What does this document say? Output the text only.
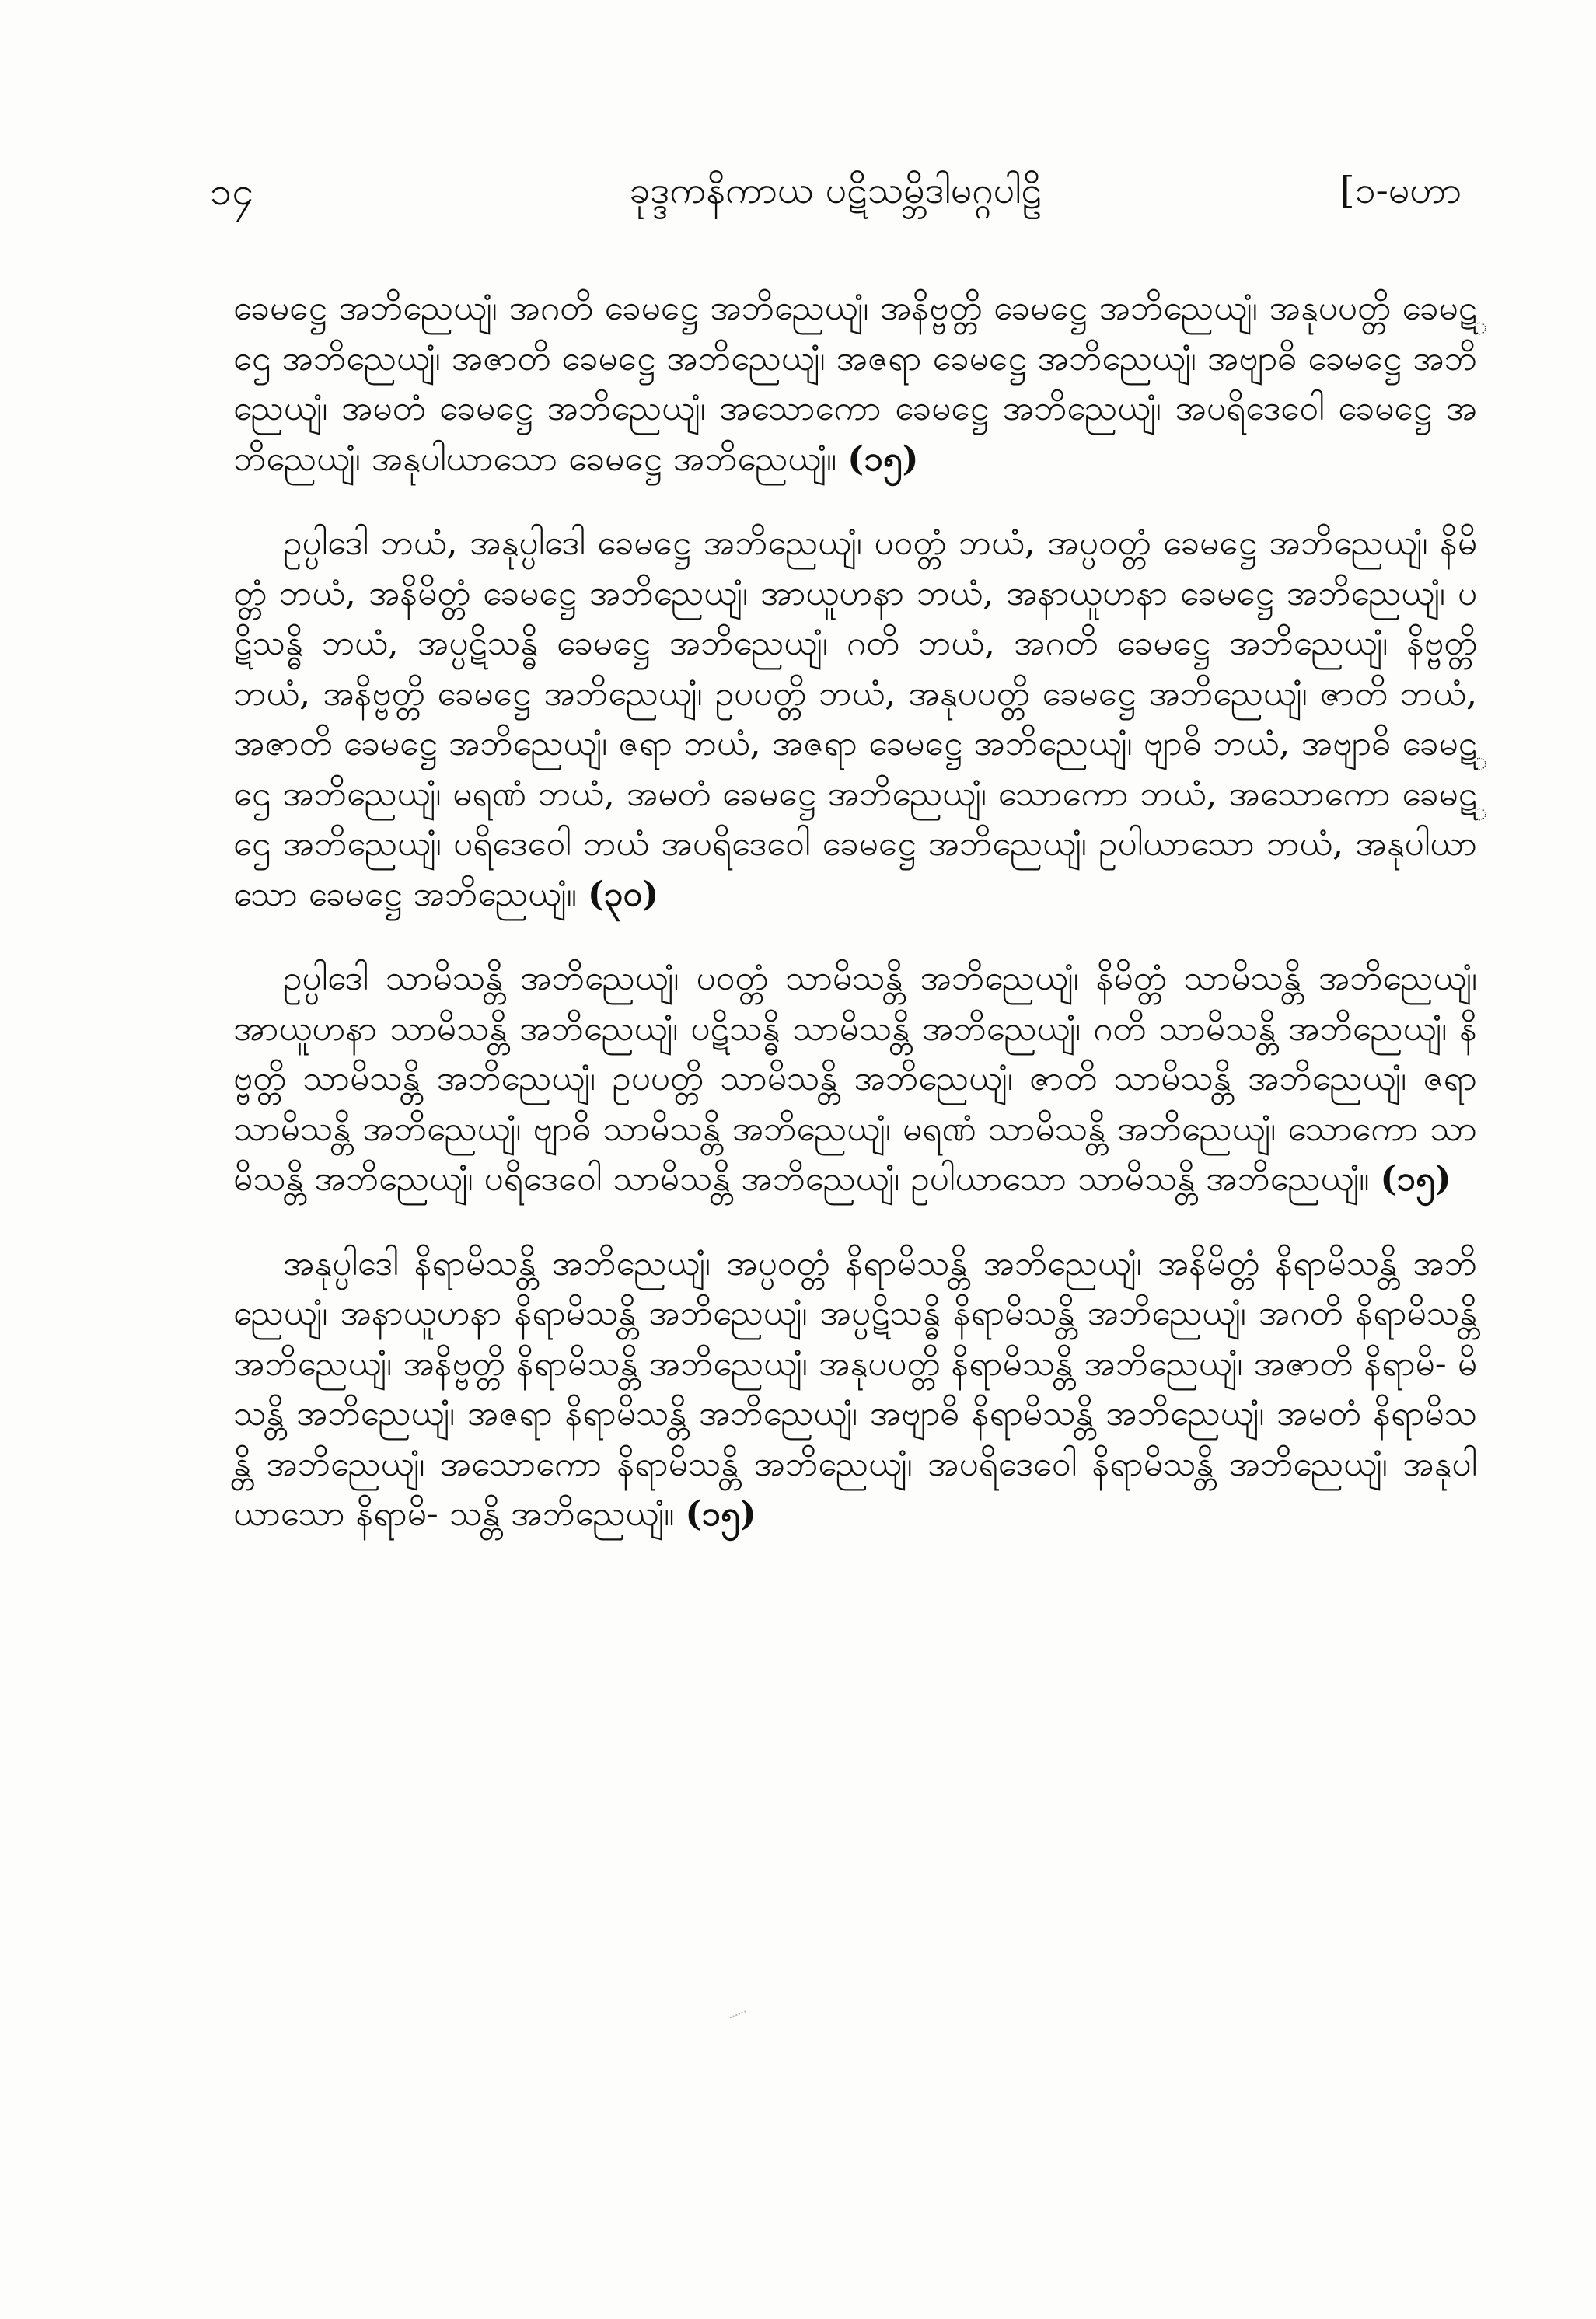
၁၄	ခုဒ္ဒကနိကာယ ပဋိသမ္ဘိဒါမဂ္ဂပါဠိ	[၁-မဟာ

ခေမဋ္ဌေ အဘိညေယျံ၊ အဂတိ ခေမဋ္ဌေ အဘိညေယျံ၊ အနိဗ္ဗတ္တိ ခေမဋ္ဌေ အဘိညေယျံ၊ အနုပပတ္တိ ခေမဋ္ဌေ အဘိညေယျံ၊ အဇာတိ ခေမဋ္ဌေ အဘိညေယျံ၊ အဇရာ ခေမဋ္ဌေ အဘိညေယျံ၊ အဗျာဓိ ခေမဋ္ဌေ အဘိညေယျံ၊ အမတံ ခေမဋ္ဌေ အဘိညေယျံ၊ အသောကော ခေမဋ္ဌေ အဘိညေယျံ၊ အပရိဒေဝေါ ခေမဋ္ဌေ အဘိညေယျံ၊ အနုပါယာသော ခေမဋ္ဌေ အဘိညေယျံ။ (၁၅)

ဥပ္ပါဒေါ ဘယံ, အနုပ္ပါဒေါ ခေမဋ္ဌေ အဘိညေယျံ၊ ပဝတ္တံ ဘယံ, အပ္ပဝတ္တံ ခေမဋ္ဌေ အဘိညေယျံ၊ နိမိတ္တံ ဘယံ, အနိမိတ္တံ ခေမဋ္ဌေ အဘိညေယျံ၊ အာယူဟနာ ဘယံ, အနာယူဟနာ ခေမဋ္ဌေ အဘိညေယျံ၊ ပဋိသန္ဓိ ဘယံ, အပ္ပဋိသန္ဓိ ခေမဋ္ဌေ အဘိညေယျံ၊ ဂတိ ဘယံ, အဂတိ ခေမဋ္ဌေ အဘိညေယျံ၊ နိဗ္ဗတ္တိ ဘယံ, အနိဗ္ဗတ္တိ ခေမဋ္ဌေ အဘိညေယျံ၊ ဥပပတ္တိ ဘယံ, အနုပပတ္တိ ခေမဋ္ဌေ အဘိညေယျံ၊ ဇာတိ ဘယံ, အဇာတိ ခေမဋ္ဌေ အဘိညေယျံ၊ ဇရာ ဘယံ, အဇရာ ခေမဋ္ဌေ အဘိညေယျံ၊ ဗျာဓိ ဘယံ, အဗျာဓိ ခေမဋ္ဌေ အဘိညေယျံ၊ မရဏံ ဘယံ, အမတံ ခေမဋ္ဌေ အဘိညေယျံ၊ သောကော ဘယံ, အသောကော ခေမဋ္ဌေ အဘိညေယျံ၊ ပရိဒေဝေါ ဘယံ အပရိဒေဝေါ ခေမဋ္ဌေ အဘိညေယျံ၊ ဥပါယာသော ဘယံ, အနုပါယာသော ခေမဋ္ဌေ အဘိညေယျံ။ (၃၀)

ဥပ္ပါဒေါ သာမိသန္တိ အဘိညေယျံ၊ ပဝတ္တံ သာမိသန္တိ အဘိညေယျံ၊ နိမိတ္တံ သာမိသန္တိ အဘိညေယျံ၊ အာယူဟနာ သာမိသန္တိ အဘိညေယျံ၊ ပဋိသန္ဓိ သာမိသန္တိ အဘိညေယျံ၊ ဂတိ သာမိသန္တိ အဘိညေယျံ၊ နိဗ္ဗတ္တိ သာမိသန္တိ အဘိညေယျံ၊ ဥပပတ္တိ သာမိသန္တိ အဘိညေယျံ၊ ဇာတိ သာမိသန္တိ အဘိညေယျံ၊ ဇရာ သာမိသန္တိ အဘိညေယျံ၊ ဗျာဓိ သာမိသန္တိ အဘိညေယျံ၊ မရဏံ သာမိသန္တိ အဘိညေယျံ၊ သောကော သာမိသန္တိ အဘိညေယျံ၊ ပရိဒေဝေါ သာမိသန္တိ အဘိညေယျံ၊ ဥပါယာသော သာမိသန္တိ အဘိညေယျံ။ (၁၅)

အနုပ္ပါဒေါ နိရာမိသန္တိ အဘိညေယျံ၊ အပ္ပဝတ္တံ နိရာမိသန္တိ အဘိညေယျံ၊ အနိမိတ္တံ နိရာမိသန္တိ အဘိညေယျံ၊ အနာယူဟနာ နိရာမိသန္တိ အဘိညေယျံ၊ အပ္ပဋိသန္ဓိ နိရာမိသန္တိ အဘိညေယျံ၊ အဂတိ နိရာမိသန္တိ အဘိညေယျံ၊ အနိဗ္ဗတ္တိ နိရာမိသန္တိ အဘိညေယျံ၊ အနုပပတ္တိ နိရာမိသန္တိ အဘိညေယျံ၊ အဇာတိ နိရာမိ- မိသန္တိ အဘိညေယျံ၊ အဇရာ နိရာမိသန္တိ အဘိညေယျံ၊ အဗျာဓိ နိရာမိသန္တိ အဘိညေယျံ၊ အမတံ နိရာမိသန္တိ အဘိညေယျံ၊ အသောကော နိရာမိသန္တိ အဘိညေယျံ၊ အပရိဒေဝေါ နိရာမိသန္တိ အဘိညေယျံ၊ အနုပါယာသော နိရာမိ- သန္တိ အဘိညေယျံ။ (၁၅)
